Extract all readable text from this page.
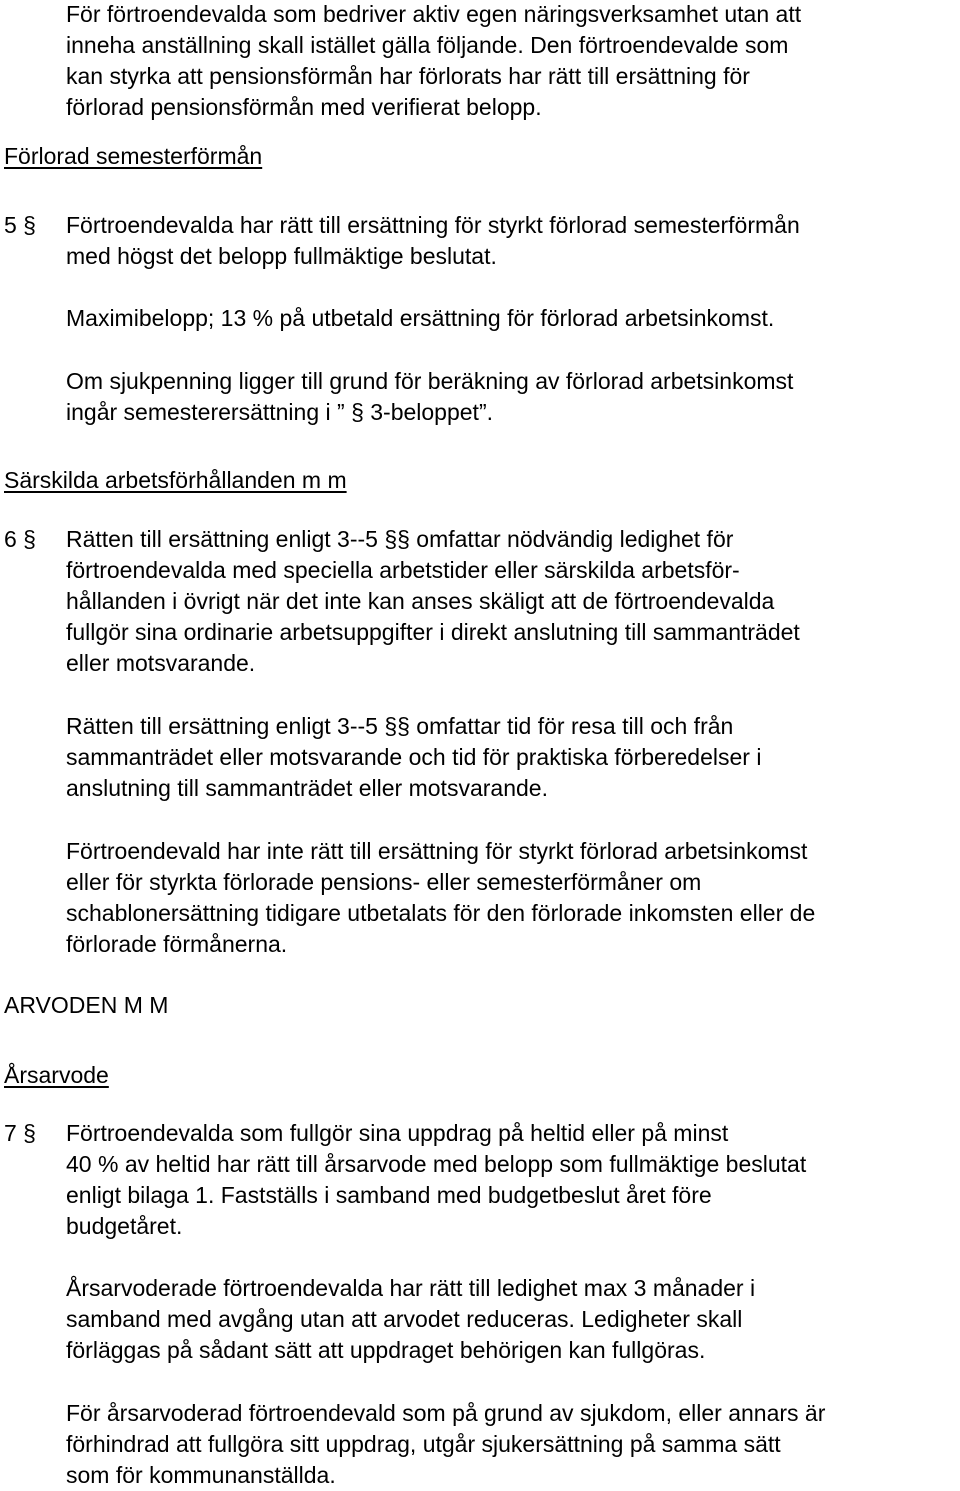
För förtroendevalda som bedriver aktiv egen näringsverksamhet utan att
inneha anställning skall istället gälla följande. Den förtroendevalde som
kan styrka att pensionsförmån har förlorats har rätt till ersättning för
förlorad pensionsförmån med verifierat belopp.
Förlorad semesterförmån
5 §	Förtroendevalda har rätt till ersättning för styrkt förlorad semesterförmån
med högst det belopp fullmäktige beslutat.
Maximibelopp; 13 % på utbetald ersättning för förlorad arbetsinkomst.
Om sjukpenning ligger till grund för beräkning av förlorad arbetsinkomst
ingår semesterersättning i ” § 3-beloppet”.
Särskilda arbetsförhållanden m m
6 §	Rätten till ersättning enligt 3--5 §§ omfattar nödvändig ledighet för
förtroendevalda med speciella arbetstider eller särskilda arbetsför-
hållanden i övrigt när det inte kan anses skäligt att de förtroendevalda
fullgör sina ordinarie arbetsuppgifter i direkt anslutning till sammanträdet
eller motsvarande.
Rätten till ersättning enligt 3--5 §§ omfattar tid för resa till och från
sammanträdet eller motsvarande och tid för praktiska förberedelser i
anslutning till sammanträdet eller motsvarande.
Förtroendevald har inte rätt till ersättning för styrkt förlorad arbetsinkomst
eller för styrkta förlorade pensions- eller semesterförmåner om
schablonersättning tidigare utbetalats för den förlorade inkomsten eller de
förlorade förmånerna.
ARVODEN M M
Årsarvode
7 §	Förtroendevalda som fullgör sina uppdrag på heltid eller på minst
40 % av heltid har rätt till årsarvode med belopp som fullmäktige beslutat
enligt bilaga 1. Fastställs i samband med budgetbeslut året före
budgetåret.
Årsarvoderade förtroendevalda har rätt till ledighet max 3 månader i
samband med avgång utan att arvodet reduceras. Ledigheter skall
förläggas på sådant sätt att uppdraget behörigen kan fullgöras.
För årsarvoderad förtroendevald som på grund av sjukdom, eller annars är
förhindrad att fullgöra sitt uppdrag, utgår sjukersättning på samma sätt
som för kommunanställda.
